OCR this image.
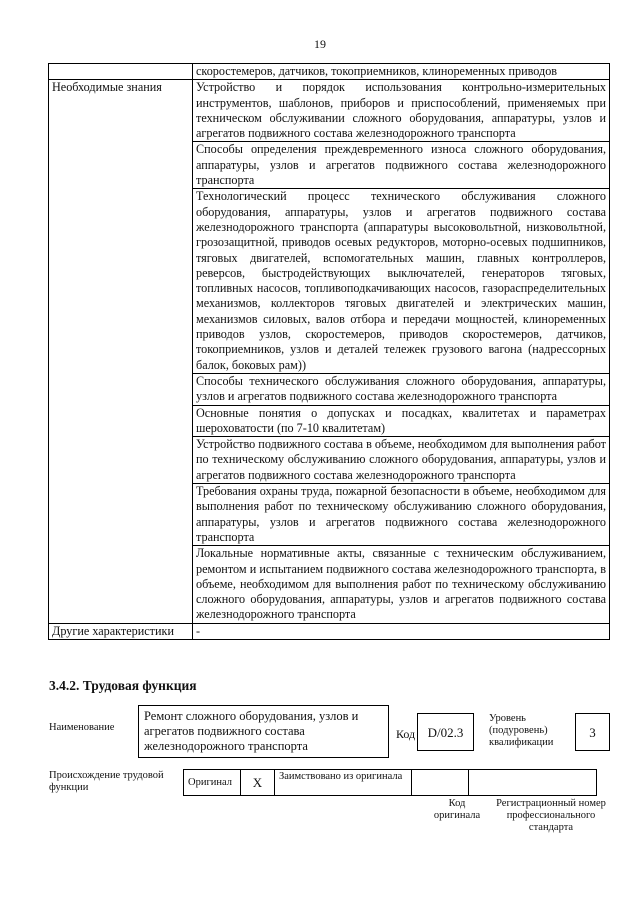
19
	скоростемеров, датчиков, токоприемников, клиноременных приводов
Необходимые знания	Устройство и порядок использования контрольно-измерительных инструментов, шаблонов, приборов и приспособлений, применяемых при техническом обслуживании сложного оборудования, аппаратуры, узлов и агрегатов подвижного состава железнодорожного транспорта
	Способы определения преждевременного износа сложного оборудования, аппаратуры, узлов и агрегатов подвижного состава железнодорожного транспорта
	Технологический процесс технического обслуживания сложного оборудования, аппаратуры, узлов и агрегатов подвижного состава железнодорожного транспорта (аппаратуры высоковольтной, низковольтной, грозозащитной, приводов осевых редукторов, моторно-осевых подшипников, тяговых двигателей, вспомогательных машин, главных контроллеров, реверсов, быстродействующих выключателей, генераторов тяговых, топливных насосов, топливоподкачивающих насосов, газораспределительных механизмов, коллекторов тяговых двигателей и электрических машин, механизмов силовых, валов отбора и передачи мощностей, клиноременных приводов узлов, скоростемеров, приводов скоростемеров, датчиков, токоприемников, узлов и деталей тележек грузового вагона (надрессорных балок, боковых рам))
	Способы технического обслуживания сложного оборудования, аппаратуры, узлов и агрегатов подвижного состава железнодорожного транспорта
	Основные понятия о допусках и посадках, квалитетах и параметрах шероховатости (по 7-10 квалитетам)
	Устройство подвижного состава в объеме, необходимом для выполнения работ по техническому обслуживанию сложного оборудования, аппаратуры, узлов и агрегатов подвижного состава железнодорожного транспорта
	Требования охраны труда, пожарной безопасности в объеме, необходимом для выполнения работ по техническому обслуживанию сложного оборудования, аппаратуры, узлов и агрегатов подвижного состава железнодорожного транспорта
	Локальные нормативные акты, связанные с техническим обслуживанием, ремонтом и испытанием подвижного состава железнодорожного транспорта, в объеме, необходимом для выполнения работ по техническому обслуживанию сложного оборудования, аппаратуры, узлов и агрегатов подвижного состава железнодорожного транспорта
Другие характеристики	-
3.4.2. Трудовая функция
Наименование
Ремонт сложного оборудования, узлов и агрегатов подвижного состава железнодорожного транспорта
Код D/02.3
Уровень (подуровень) квалификации
3
Происхождение трудовой функции	Оригинал	X	Заимствовано из оригинала		
Код оригинала
Регистрационный номер профессионального стандарта
